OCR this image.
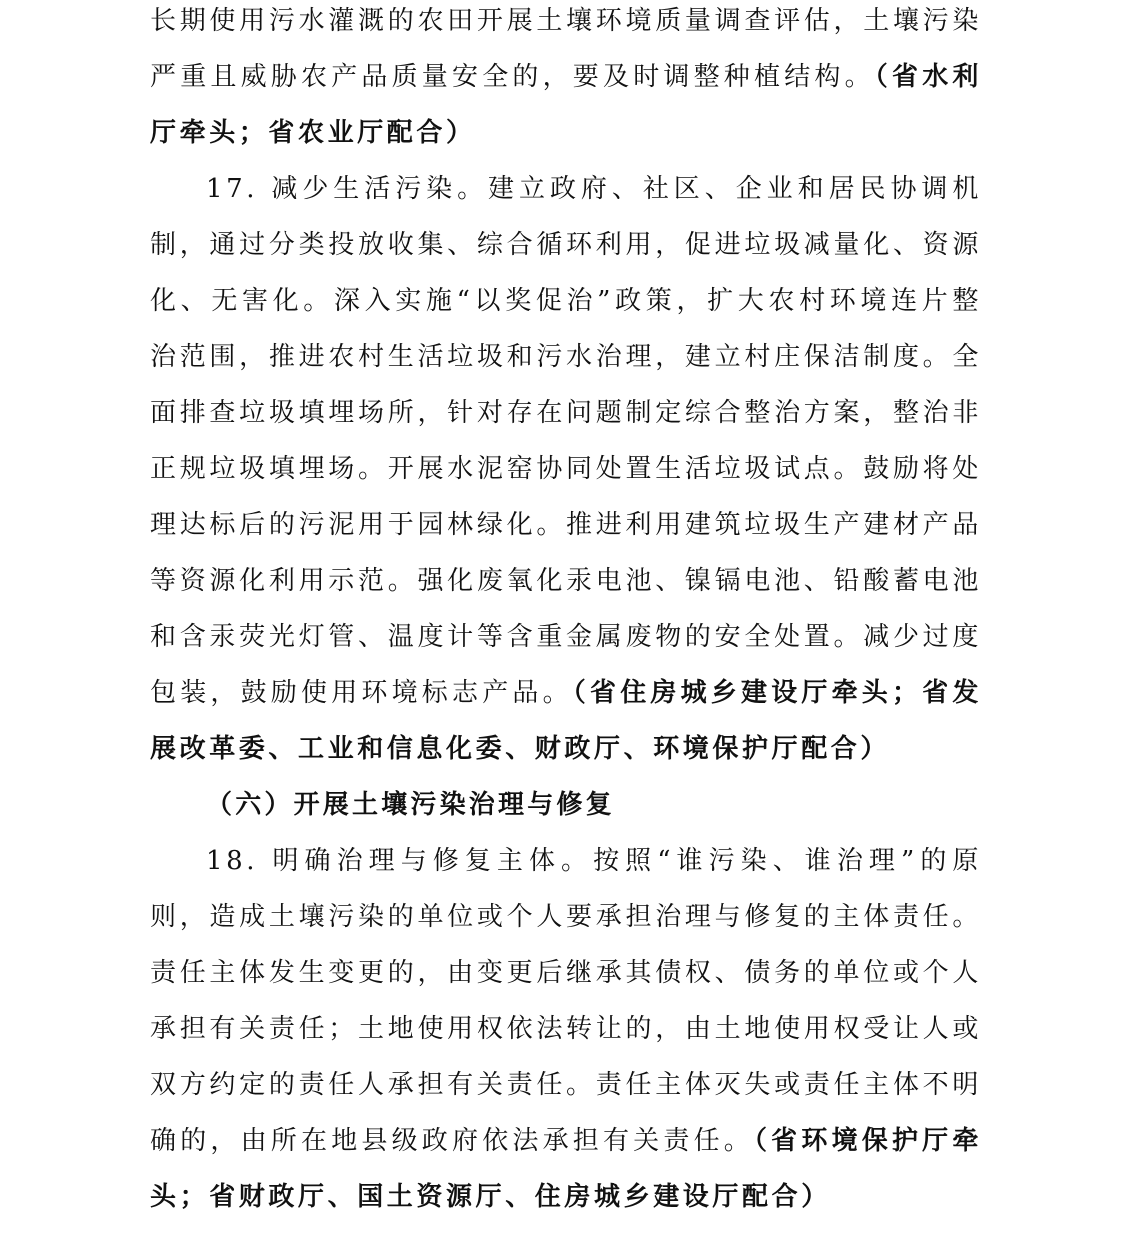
长期使用污水灌溉的农田开展土壤环境质量调查评估，土壤污染严重且威胁农产品质量安全的，要及时调整种植结构。（省水利厅牵头；省农业厅配合）

17. 减少生活污染。建立政府、社区、企业和居民协调机制，通过分类投放收集、综合循环利用，促进垃圾减量化、资源化、无害化。深入实施“以奖促治”政策，扩大农村环境连片整治范围，推进农村生活垃圾和污水治理，建立村庄保洁制度。全面排查垃圾填埋场所，针对存在问题制定综合整治方案，整治非正规垃圾填埋场。开展水泥窑协同处置生活垃圾试点。鼓励将处理达标后的污泥用于园林绿化。推进利用建筑垃圾生产建材产品等资源化利用示范。强化废氧化汞电池、镍镉电池、铅酸蓄电池和含汞荧光灯管、温度计等含重金属废物的安全处置。减少过度包装，鼓励使用环境标志产品。（省住房城乡建设厅牵头；省发展改革委、工业和信息化委、财政厅、环境保护厅配合）

（六）开展土壤污染治理与修复

18. 明确治理与修复主体。按照“谁污染、谁治理”的原则，造成土壤污染的单位或个人要承担治理与修复的主体责任。责任主体发生变更的，由变更后继承其债权、债务的单位或个人承担有关责任；土地使用权依法转让的，由土地使用权受让人或双方约定的责任人承担有关责任。责任主体灭失或责任主体不明确的，由所在地县级政府依法承担有关责任。（省环境保护厅牵头；省财政厅、国土资源厅、住房城乡建设厅配合）
